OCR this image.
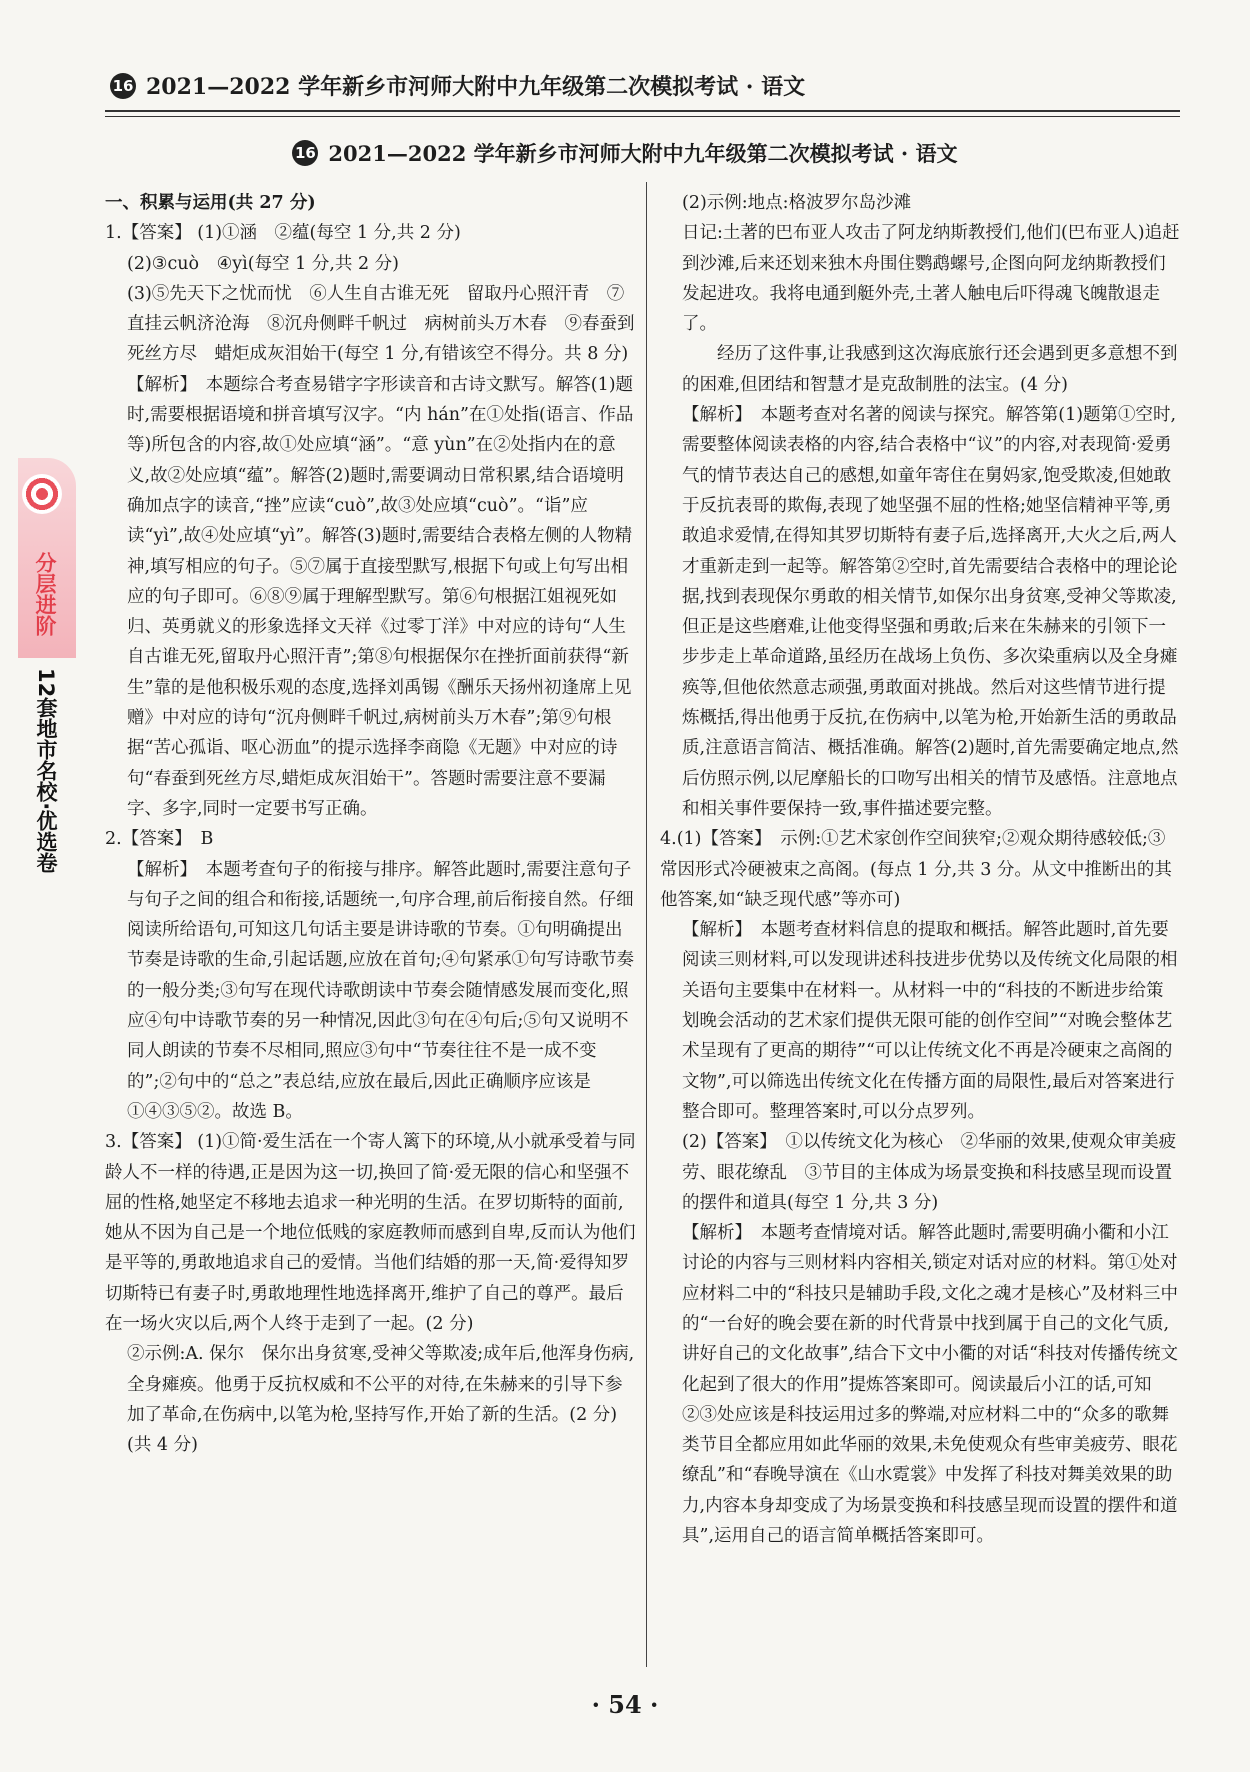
16 2021—2022 学年新乡市河师大附中九年级第二次模拟考试 · 语文
16 2021—2022 学年新乡市河师大附中九年级第二次模拟考试 · 语文
分层进阶
12套地市名校·优选卷

一、积累与运用(共 27 分)

1.【答案】 (1)①涵　②蕴(每空 1 分,共 2 分)

(2)③cuò　④yì(每空 1 分,共 2 分)

(3)⑤先天下之忧而忧　⑥人生自古谁无死　留取丹心照汗青　⑦直挂云帆济沧海　⑧沉舟侧畔千帆过　病树前头万木春　⑨春蚕到死丝方尽　蜡炬成灰泪始干(每空 1 分,有错该空不得分。共 8 分)

【解析】　本题综合考查易错字字形读音和古诗文默写。解答(1)题时,需要根据语境和拼音填写汉字。“内 hán”在①处指(语言、作品等)所包含的内容,故①处应填“涵”。“意 yùn”在②处指内在的意义,故②处应填“蕴”。解答(2)题时,需要调动日常积累,结合语境明确加点字的读音,“挫”应读“cuò”,故③处应填“cuò”。“诣”应读“yì”,故④处应填“yì”。解答(3)题时,需要结合表格左侧的人物精神,填写相应的句子。⑤⑦属于直接型默写,根据下句或上句写出相应的句子即可。⑥⑧⑨属于理解型默写。第⑥句根据江姐视死如归、英勇就义的形象选择文天祥《过零丁洋》中对应的诗句“人生自古谁无死,留取丹心照汗青”;第⑧句根据保尔在挫折面前获得“新生”靠的是他积极乐观的态度,选择刘禹锡《酬乐天扬州初逢席上见赠》中对应的诗句“沉舟侧畔千帆过,病树前头万木春”;第⑨句根据“苦心孤诣、呕心沥血”的提示选择李商隐《无题》中对应的诗句“春蚕到死丝方尽,蜡炬成灰泪始干”。答题时需要注意不要漏字、多字,同时一定要书写正确。

2.【答案】　B

【解析】　本题考查句子的衔接与排序。解答此题时,需要注意句子与句子之间的组合和衔接,话题统一,句序合理,前后衔接自然。仔细阅读所给语句,可知这几句话主要是讲诗歌的节奏。①句明确提出节奏是诗歌的生命,引起话题,应放在首句;④句紧承①句写诗歌节奏的一般分类;③句写在现代诗歌朗读中节奏会随情感发展而变化,照应④句中诗歌节奏的另一种情况,因此③句在④句后;⑤句又说明不同人朗读的节奏不尽相同,照应③句中“节奏往往不是一成不变的”;②句中的“总之”表总结,应放在最后,因此正确顺序应该是①④③⑤②。故选 B。

3.【答案】 (1)①简·爱生活在一个寄人篱下的环境,从小就承受着与同龄人不一样的待遇,正是因为这一切,换回了简·爱无限的信心和坚强不屈的性格,她坚定不移地去追求一种光明的生活。在罗切斯特的面前,她从不因为自己是一个地位低贱的家庭教师而感到自卑,反而认为他们是平等的,勇敢地追求自己的爱情。当他们结婚的那一天,简·爱得知罗切斯特已有妻子时,勇敢地理性地选择离开,维护了自己的尊严。最后在一场火灾以后,两个人终于走到了一起。(2 分)

②示例:A. 保尔　保尔出身贫寒,受神父等欺凌;成年后,他浑身伤病,全身瘫痪。他勇于反抗权威和不公平的对待,在朱赫来的引导下参加了革命,在伤病中,以笔为枪,坚持写作,开始了新的生活。(2 分)(共 4 分)

(2)示例:地点:格波罗尔岛沙滩

日记:土著的巴布亚人攻击了阿龙纳斯教授们,他们(巴布亚人)追赶到沙滩,后来还划来独木舟围住鹦鹉螺号,企图向阿龙纳斯教授们发起进攻。我将电通到艇外壳,土著人触电后吓得魂飞魄散退走了。

经历了这件事,让我感到这次海底旅行还会遇到更多意想不到的困难,但团结和智慧才是克敌制胜的法宝。(4 分)

【解析】　本题考查对名著的阅读与探究。解答第(1)题第①空时,需要整体阅读表格的内容,结合表格中“议”的内容,对表现简·爱勇气的情节表达自己的感想,如童年寄住在舅妈家,饱受欺凌,但她敢于反抗表哥的欺侮,表现了她坚强不屈的性格;她坚信精神平等,勇敢追求爱情,在得知其罗切斯特有妻子后,选择离开,大火之后,两人才重新走到一起等。解答第②空时,首先需要结合表格中的理论论据,找到表现保尔勇敢的相关情节,如保尔出身贫寒,受神父等欺凌,但正是这些磨难,让他变得坚强和勇敢;后来在朱赫来的引领下一步步走上革命道路,虽经历在战场上负伤、多次染重病以及全身瘫痪等,但他依然意志顽强,勇敢面对挑战。然后对这些情节进行提炼概括,得出他勇于反抗,在伤病中,以笔为枪,开始新生活的勇敢品质,注意语言简洁、概括准确。解答(2)题时,首先需要确定地点,然后仿照示例,以尼摩船长的口吻写出相关的情节及感悟。注意地点和相关事件要保持一致,事件描述要完整。

4.(1)【答案】　示例:①艺术家创作空间狭窄;②观众期待感较低;③常因形式冷硬被束之高阁。(每点 1 分,共 3 分。从文中推断出的其他答案,如“缺乏现代感”等亦可)

【解析】　本题考查材料信息的提取和概括。解答此题时,首先要阅读三则材料,可以发现讲述科技进步优势以及传统文化局限的相关语句主要集中在材料一。从材料一中的“科技的不断进步给策划晚会活动的艺术家们提供无限可能的创作空间”“对晚会整体艺术呈现有了更高的期待”“可以让传统文化不再是冷硬束之高阁的文物”,可以筛选出传统文化在传播方面的局限性,最后对答案进行整合即可。整理答案时,可以分点罗列。

(2)【答案】　①以传统文化为核心　②华丽的效果,使观众审美疲劳、眼花缭乱　③节目的主体成为场景变换和科技感呈现而设置的摆件和道具(每空 1 分,共 3 分)

【解析】　本题考查情境对话。解答此题时,需要明确小衢和小江讨论的内容与三则材料内容相关,锁定对话对应的材料。第①处对应材料二中的“科技只是辅助手段,文化之魂才是核心”及材料三中的“一台好的晚会要在新的时代背景中找到属于自己的文化气质,讲好自己的文化故事”,结合下文中小衢的对话“科技对传播传统文化起到了很大的作用”提炼答案即可。阅读最后小江的话,可知②③处应该是科技运用过多的弊端,对应材料二中的“众多的歌舞类节目全都应用如此华丽的效果,未免使观众有些审美疲劳、眼花缭乱”和“春晚导演在《山水霓裳》中发挥了科技对舞美效果的助力,内容本身却变成了为场景变换和科技感呈现而设置的摆件和道具”,运用自己的语言简单概括答案即可。

· 54 ·
